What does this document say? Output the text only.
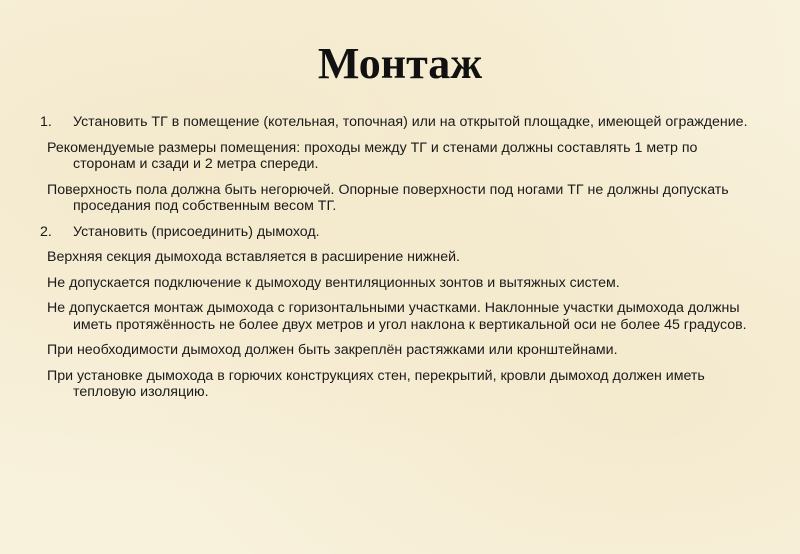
Монтаж
1. Установить ТГ в помещение (котельная, топочная) или на открытой площадке, имеющей ограждение.
Рекомендуемые размеры помещения: проходы между ТГ и стенами должны составлять 1 метр по сторонам и сзади и 2 метра спереди.
Поверхность пола должна быть негорючей. Опорные поверхности под ногами ТГ не должны допускать проседания под собственным весом ТГ.
2. Установить (присоединить) дымоход.
Верхняя секция дымохода вставляется в расширение нижней.
Не допускается подключение к дымоходу вентиляционных зонтов и вытяжных систем.
Не допускается монтаж дымохода с горизонтальными участками. Наклонные участки дымохода должны иметь протяжённость не более двух метров и угол наклона к вертикальной оси не более 45 градусов.
При необходимости дымоход должен быть закреплён растяжками или кронштейнами.
При установке дымохода в горючих конструкциях стен, перекрытий, кровли дымоход должен иметь тепловую изоляцию.
